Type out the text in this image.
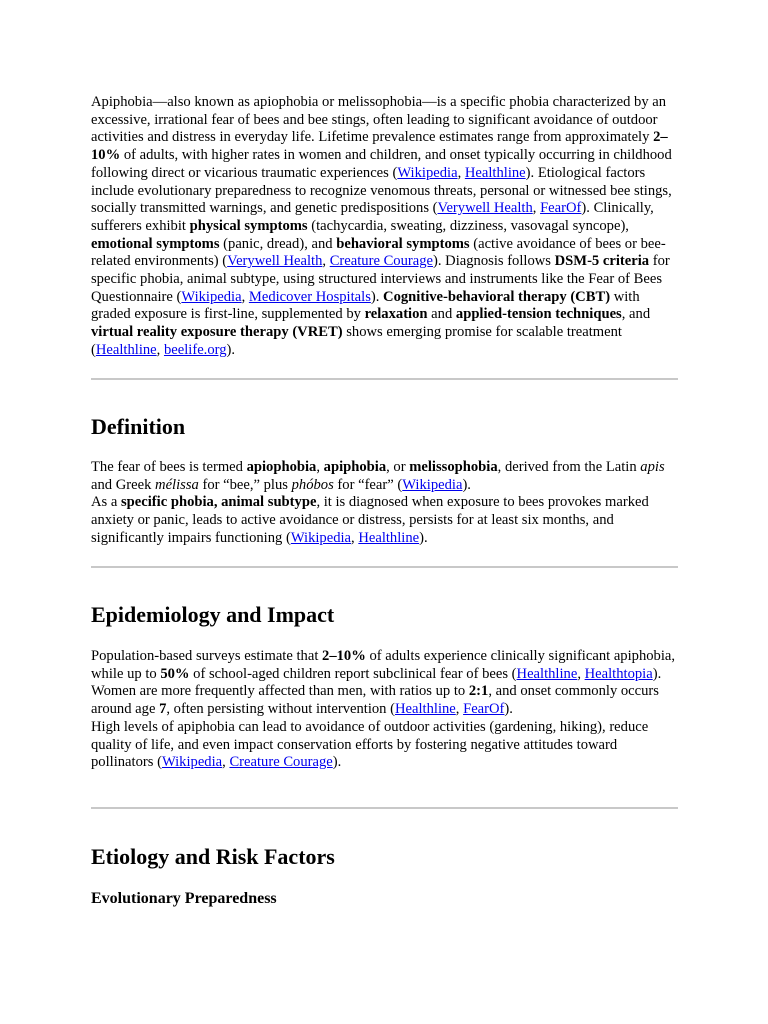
Apiphobia—also known as apiophobia or melissophobia—is a specific phobia characterized by an excessive, irrational fear of bees and bee stings, often leading to significant avoidance of outdoor activities and distress in everyday life. Lifetime prevalence estimates range from approximately 2–10% of adults, with higher rates in women and children, and onset typically occurring in childhood following direct or vicarious traumatic experiences (Wikipedia, Healthline). Etiological factors include evolutionary preparedness to recognize venomous threats, personal or witnessed bee stings, socially transmitted warnings, and genetic predispositions (Verywell Health, FearOf). Clinically, sufferers exhibit physical symptoms (tachycardia, sweating, dizziness, vasovagal syncope), emotional symptoms (panic, dread), and behavioral symptoms (active avoidance of bees or bee-related environments) (Verywell Health, Creature Courage). Diagnosis follows DSM-5 criteria for specific phobia, animal subtype, using structured interviews and instruments like the Fear of Bees Questionnaire (Wikipedia, Medicover Hospitals). Cognitive-behavioral therapy (CBT) with graded exposure is first-line, supplemented by relaxation and applied-tension techniques, and virtual reality exposure therapy (VRET) shows emerging promise for scalable treatment (Healthline, beelife.org).

Definition

The fear of bees is termed apiophobia, apiphobia, or melissophobia, derived from the Latin apis and Greek mélissa for “bee,” plus phóbos for “fear” (Wikipedia).

As a specific phobia, animal subtype, it is diagnosed when exposure to bees provokes marked anxiety or panic, leads to active avoidance or distress, persists for at least six months, and significantly impairs functioning (Wikipedia, Healthline).

Epidemiology and Impact

Population-based surveys estimate that 2–10% of adults experience clinically significant apiphobia, while up to 50% of school-aged children report subclinical fear of bees (Healthline, Healthtopia).

Women are more frequently affected than men, with ratios up to 2:1, and onset commonly occurs around age 7, often persisting without intervention (Healthline, FearOf).

High levels of apiphobia can lead to avoidance of outdoor activities (gardening, hiking), reduce quality of life, and even impact conservation efforts by fostering negative attitudes toward pollinators (Wikipedia, Creature Courage).

Etiology and Risk Factors
Evolutionary Preparedness
